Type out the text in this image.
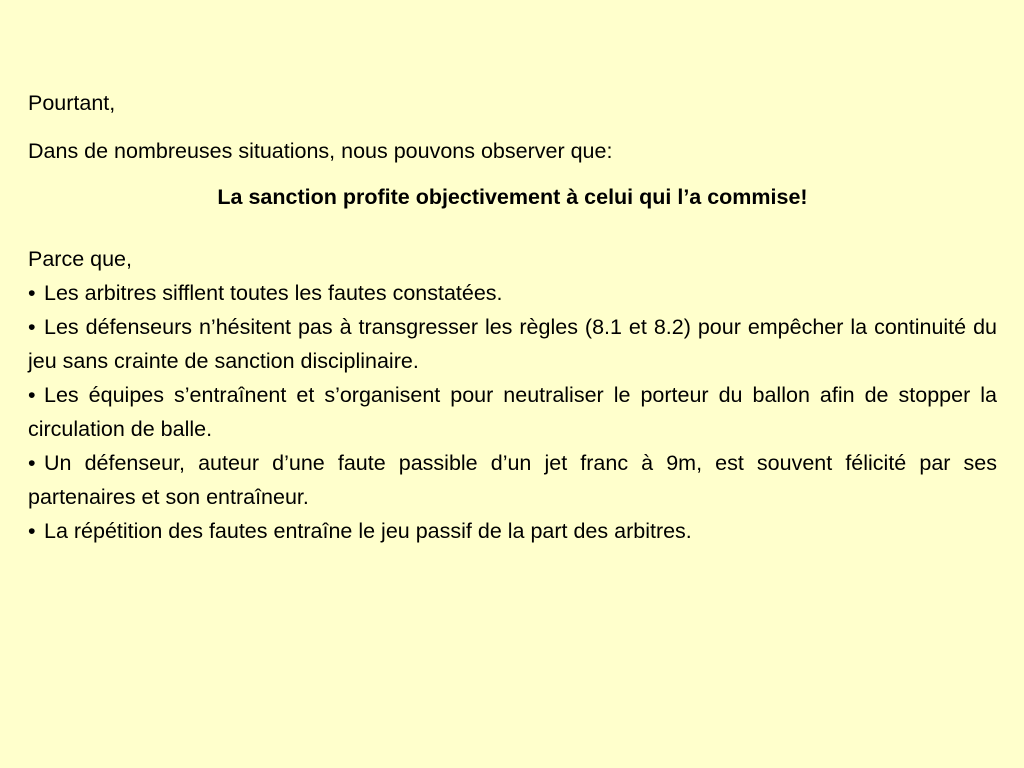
Pourtant,

Dans de nombreuses situations, nous pouvons observer que:

La sanction profite objectivement à celui qui l’a commise!

Parce que,

• Les arbitres sifflent toutes les fautes constatées.

• Les défenseurs n’hésitent pas à transgresser les règles (8.1 et 8.2) pour empêcher la continuité du jeu sans crainte de sanction disciplinaire.

• Les équipes s’entraînent et s’organisent pour neutraliser le porteur du ballon afin de stopper la circulation de balle.

• Un défenseur, auteur d’une faute passible d’un jet franc à 9m, est souvent félicité par ses partenaires et son entraîneur.

• La répétition des fautes entraîne le jeu passif de la part des arbitres.
